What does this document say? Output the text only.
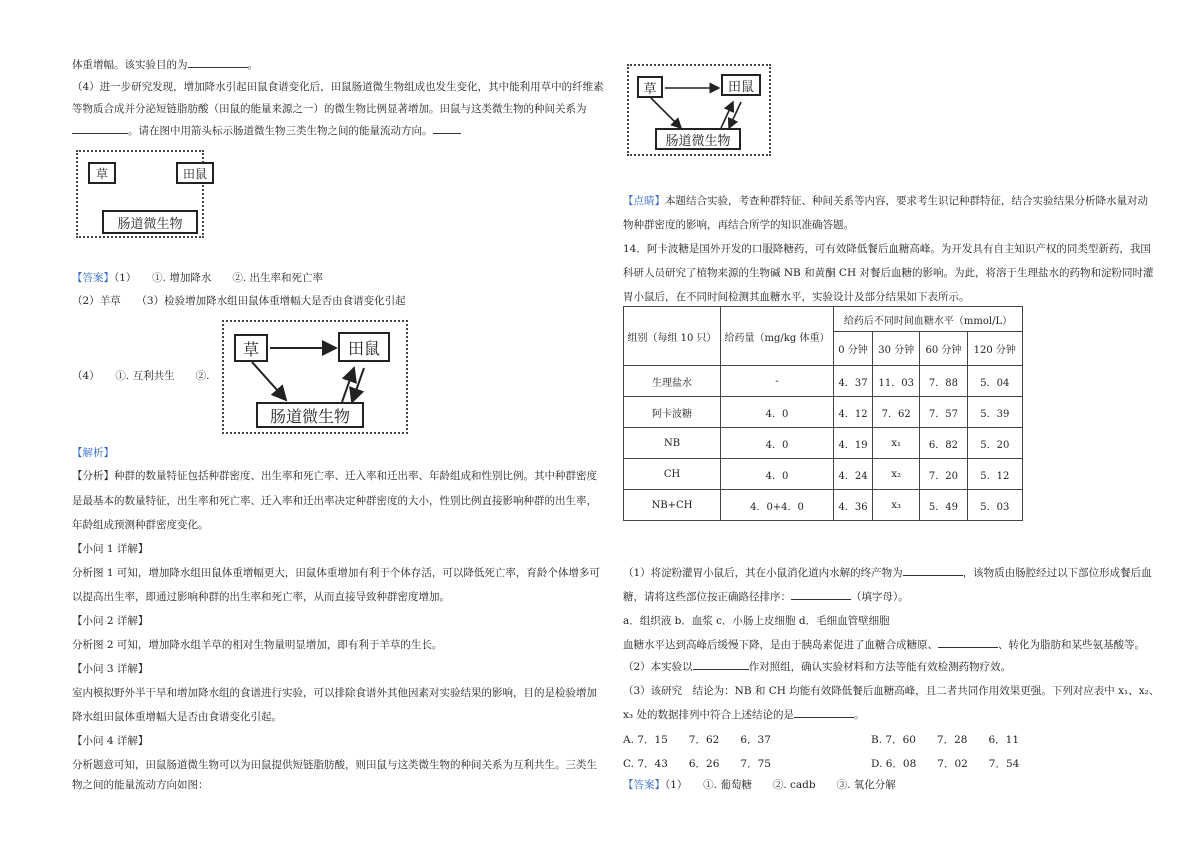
体重增幅。该实验目的为	。
（4）进一步研究发现，增加降水引起田鼠食谱变化后，田鼠肠道微生物组成也发生变化，其中能利用草中的纤维素
等物质合成并分泌短链脂肪酸（田鼠的能量来源之一）的微生物比例显著增加。田鼠与这类微生物的种间关系为
。请在图中用箭头标示肠道微生物三类生物之间的能量流动方向。
草	田鼠
肠道微生物
【答案】（1）　　①. 增加降水　　②. 出生率和死亡率
（2）羊草　　（3）检验增加降水组田鼠体重增幅大是否由食谱变化引起
（4）　　①. 互利共生　　②.
草	田鼠
肠道微生物
【解析】
【分析】种群的数量特征包括种群密度、出生率和死亡率、迁入率和迁出率、年龄组成和性别比例。其中种群密度
是最基本的数量特征，出生率和死亡率、迁入率和迁出率决定种群密度的大小，性别比例直接影响种群的出生率，
年龄组成预测种群密度变化。
【小问 1 详解】
分析图 1 可知，增加降水组田鼠体重增幅更大，田鼠体重增加有利于个体存活，可以降低死亡率，育龄个体增多可
以提高出生率，即通过影响种群的出生率和死亡率，从而直接导致种群密度增加。
【小问 2 详解】
分析图 2 可知，增加降水组羊草的相对生物量明显增加，即有利于羊草的生长。
【小问 3 详解】
室内模拟野外半干旱和增加降水组的食谱进行实验，可以排除食谱外其他因素对实验结果的影响，目的是检验增加
降水组田鼠体重增幅大是否由食谱变化引起。
【小问 4 详解】
分析题意可知，田鼠肠道微生物可以为田鼠提供短链脂肪酸，则田鼠与这类微生物的种间关系为互利共生。三类生
物之间的能量流动方向如图：
草	田鼠
肠道微生物
【点睛】本题结合实验，考查种群特征、种间关系等内容，要求考生识记种群特征，结合实验结果分析降水量对动
物种群密度的影响，再结合所学的知识准确答题。
14．阿卡波糖是国外开发的口服降糖药，可有效降低餐后血糖高峰。为开发具有自主知识产权的同类型新药，我国
科研人员研究了植物来源的生物碱 NB 和黄酮 CH 对餐后血糖的影响。为此，将溶于生理盐水的药物和淀粉同时灌
胃小鼠后，在不同时间检测其血糖水平，实验设计及部分结果如下表所示。
组别（每组 10 只）	给药量（mg/kg 体重）	给药后不同时间血糖水平（mmol/L）			
		0 分钟	30 分钟	60 分钟	120 分钟
生理盐水	-	4．37	11．03	7．88	5．04
阿卡波糖	4．0	4．12	7．62	7．57	5．39
NB	4．0	4．19	x₁	6．82	5．20
CH	4．0	4．24	x₂	7．20	5．12
NB+CH	4．0+4．0	4．36	x₃	5．49	5．03
（1）将淀粉灌胃小鼠后，其在小鼠消化道内水解的终产物为	，该物质由肠腔经过以下部位形成餐后血
糖，请将这些部位按正确路径排序：	（填字母）。
a．组织液 b．血浆 c．小肠上皮细胞 d．毛细血管壁细胞
血糖水平达到高峰后缓慢下降，是由于胰岛素促进了血糖合成糖原、	、转化为脂肪和某些氨基酸等。
（2）本实验以	作对照组，确认实验材料和方法等能有效检测药物疗效。
（3）该研究　结论为：NB 和 CH 均能有效降低餐后血糖高峰，且二者共同作用效果更强。下列对应表中 x₁、x₂、
x₃ 处的数据排列中符合上述结论的是	。
A. 7．15　　7．62　　6．37	B. 7．60　　7．28　　6．11
C. 7．43　　6．26　　7．75	D. 6．08　　7．02　　7．54
【答案】（1）　　①. 葡萄糖　　②. cadb　　③. 氧化分解
